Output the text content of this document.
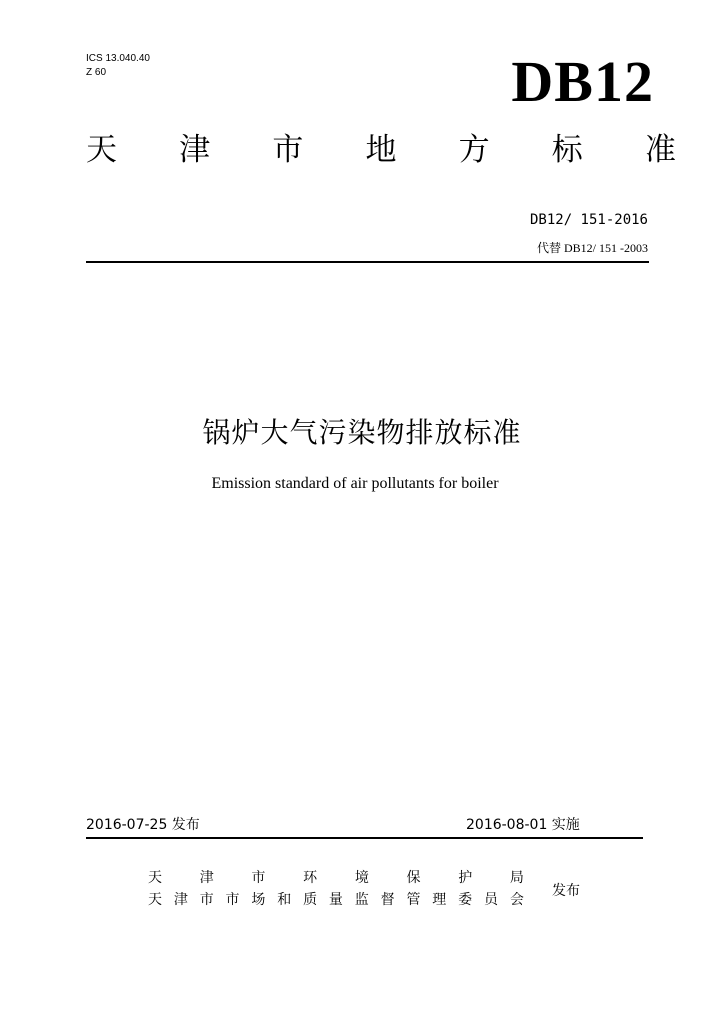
ICS 13.040.40
Z 60	DB12
天 津 市 地 方 标 准
DB12/ 151-2016
代替 DB12/ 151 -2003
锅炉大气污染物排放标准
Emission standard of air pollutants for boiler
2016-07-25 发布	2016-08-01 实施
天	津	市	环	境	保	护	局
天 津 市 市 场 和 质 量 监 督 管 理 委 员 会
发布
